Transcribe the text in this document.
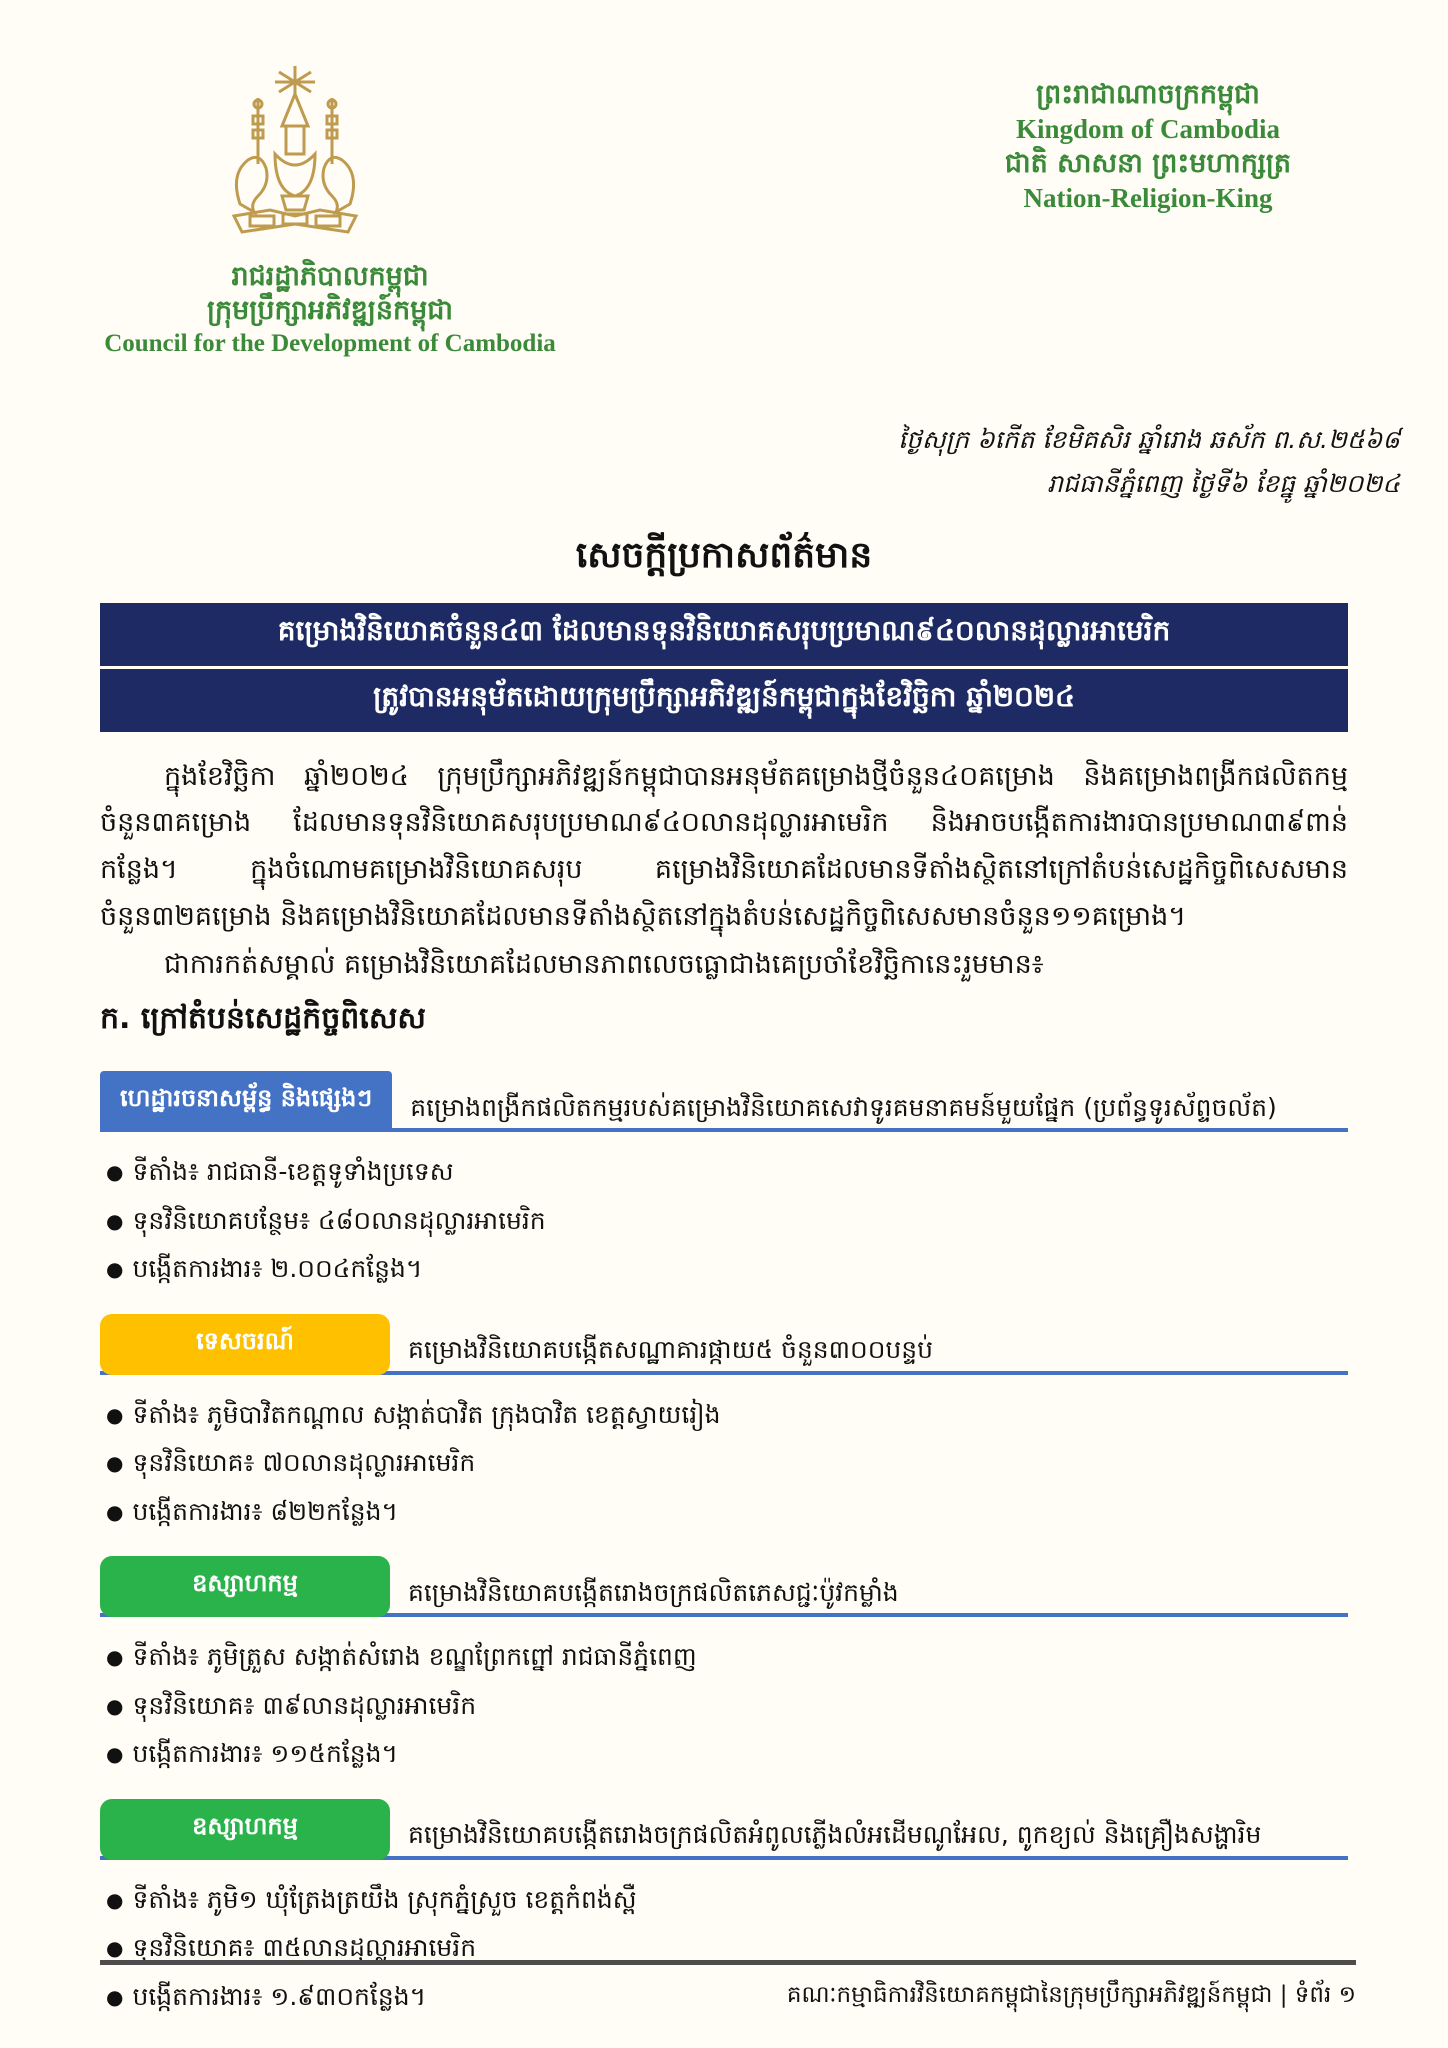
រាជរដ្ឋាភិបាលកម្ពុជា
ក្រុមប្រឹក្សាអភិវឌ្ឍន៍កម្ពុជា
Council for the Development of Cambodia
ព្រះរាជាណាចក្រកម្ពុជា
Kingdom of Cambodia
ជាតិ សាសនា ព្រះមហាក្សត្រ
Nation-Religion-King
ថ្ងៃសុក្រ ៦កើត ខែមិគសិរ ឆ្នាំរោង ឆស័ក ព.ស.២៥៦៨
រាជធានីភ្នំពេញ ថ្ងៃទី៦ ខែធ្នូ ឆ្នាំ២០២៤
សេចក្តីប្រកាសព័ត៌មាន
គម្រោងវិនិយោគចំនួន៤៣ ដែលមានទុនវិនិយោគសរុបប្រមាណ៩៤០លានដុល្លារអាមេរិក
ត្រូវបានអនុម័តដោយក្រុមប្រឹក្សាអភិវឌ្ឍន៍កម្ពុជាក្នុងខែវិច្ឆិកា ឆ្នាំ២០២៤
ក្នុងខែវិច្ឆិកា ឆ្នាំ២០២៤ ក្រុមប្រឹក្សាអភិវឌ្ឍន៍កម្ពុជាបានអនុម័តគម្រោងថ្មីចំនួន៤០គម្រោង និងគម្រោងពង្រីកផលិតកម្មចំនួន៣គម្រោង ដែលមានទុនវិនិយោគសរុបប្រមាណ៩៤០លានដុល្លារអាមេរិក និងអាចបង្កើតការងារបានប្រមាណ៣៩ពាន់កន្លែង។ ក្នុងចំណោមគម្រោងវិនិយោគសរុប គម្រោងវិនិយោគដែលមានទីតាំងស្ថិតនៅក្រៅតំបន់សេដ្ឋកិច្ចពិសេសមានចំនួន៣២គម្រោង និងគម្រោងវិនិយោគដែលមានទីតាំងស្ថិតនៅក្នុងតំបន់សេដ្ឋកិច្ចពិសេសមានចំនួន១១គម្រោង។
ជាការកត់សម្គាល់ គម្រោងវិនិយោគដែលមានភាពលេចធ្លោជាងគេប្រចាំខែវិច្ឆិកានេះរួមមាន៖
ក. ក្រៅតំបន់សេដ្ឋកិច្ចពិសេស
ហេដ្ឋារចនាសម្ព័ន្ធ និងផ្សេងៗ	គម្រោងពង្រីកផលិតកម្មរបស់គម្រោងវិនិយោគសេវាទូរគមនាគមន៍មួយផ្នែក (ប្រព័ន្ធទូរស័ព្ទចល័ត)
● ទីតាំង៖ រាជធានី-ខេត្តទូទាំងប្រទេស
● ទុនវិនិយោគបន្ថែម៖ ៤៨០លានដុល្លារអាមេរិក
● បង្កើតការងារ៖ ២.០០៤កន្លែង។
ទេសចរណ៍	គម្រោងវិនិយោគបង្កើតសណ្ឋាគារផ្កាយ៥ ចំនួន៣០០បន្ទប់
● ទីតាំង៖ ភូមិបាវិតកណ្តាល សង្កាត់បាវិត ក្រុងបាវិត ខេត្តស្វាយរៀង
● ទុនវិនិយោគ៖ ៧០លានដុល្លារអាមេរិក
● បង្កើតការងារ៖ ៨២២កន្លែង។
ឧស្សាហកម្ម	គម្រោងវិនិយោគបង្កើតរោងចក្រផលិតភេសជ្ជៈប៉ូវកម្លាំង
● ទីតាំង៖ ភូមិត្រួស សង្កាត់សំរោង ខណ្ឌព្រែកព្នៅ រាជធានីភ្នំពេញ
● ទុនវិនិយោគ៖ ៣៩លានដុល្លារអាមេរិក
● បង្កើតការងារ៖ ១១៥កន្លែង។
ឧស្សាហកម្ម	គម្រោងវិនិយោគបង្កើតរោងចក្រផលិតអំពូលភ្លើងលំអដើមណូអែល, ពូកខ្យល់ និងគ្រឿងសង្ហារិម
● ទីតាំង៖ ភូមិ១ ឃុំត្រែងត្រយឹង ស្រុកភ្នំស្រួច ខេត្តកំពង់ស្ពឺ
● ទុនវិនិយោគ៖ ៣៥លានដុល្លារអាមេរិក
● បង្កើតការងារ៖ ១.៩៣០កន្លែង។	គណៈកម្មាធិការវិនិយោគកម្ពុជានៃក្រុមប្រឹក្សាអភិវឌ្ឍន៍កម្ពុជា | ទំព័រ ១
